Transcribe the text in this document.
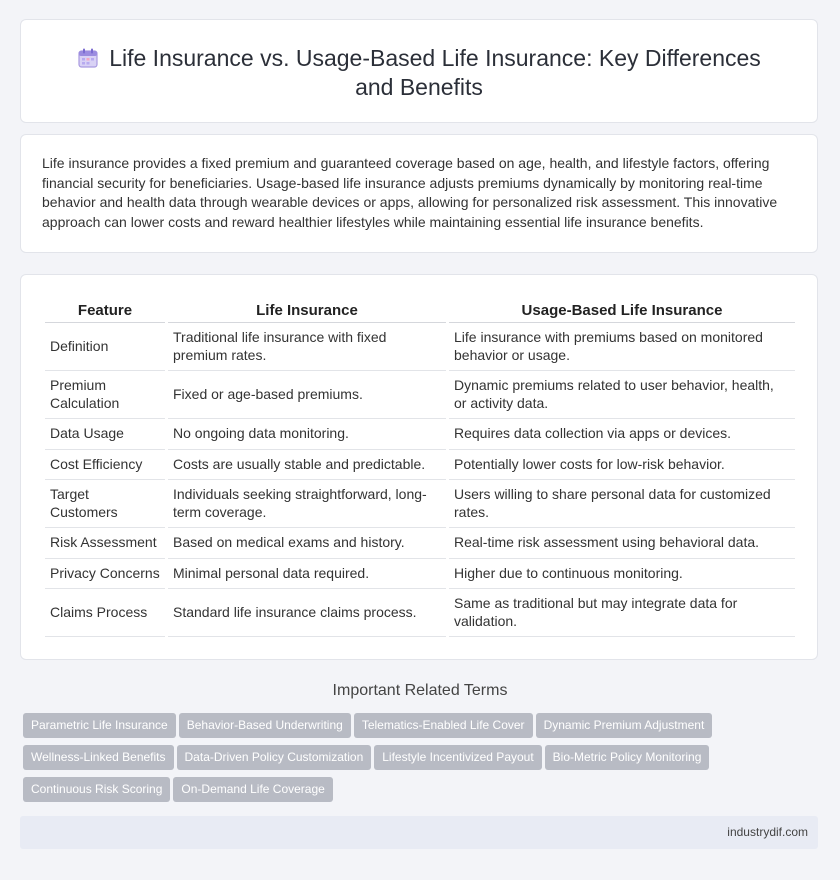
Life Insurance vs. Usage-Based Life Insurance: Key Differences and Benefits
Life insurance provides a fixed premium and guaranteed coverage based on age, health, and lifestyle factors, offering financial security for beneficiaries. Usage-based life insurance adjusts premiums dynamically by monitoring real-time behavior and health data through wearable devices or apps, allowing for personalized risk assessment. This innovative approach can lower costs and reward healthier lifestyles while maintaining essential life insurance benefits.
Feature	Life Insurance	Usage-Based Life Insurance
Definition	Traditional life insurance with fixed premium rates.	Life insurance with premiums based on monitored behavior or usage.
Premium Calculation	Fixed or age-based premiums.	Dynamic premiums related to user behavior, health, or activity data.
Data Usage	No ongoing data monitoring.	Requires data collection via apps or devices.
Cost Efficiency	Costs are usually stable and predictable.	Potentially lower costs for low-risk behavior.
Target Customers	Individuals seeking straightforward, long-term coverage.	Users willing to share personal data for customized rates.
Risk Assessment	Based on medical exams and history.	Real-time risk assessment using behavioral data.
Privacy Concerns	Minimal personal data required.	Higher due to continuous monitoring.
Claims Process	Standard life insurance claims process.	Same as traditional but may integrate data for validation.
Important Related Terms
Parametric Life Insurance Behavior-Based Underwriting Telematics-Enabled Life Cover Dynamic Premium Adjustment
Wellness-Linked Benefits Data-Driven Policy Customization Lifestyle Incentivized Payout Bio-Metric Policy Monitoring
Continuous Risk Scoring On-Demand Life Coverage
industrydif.com
